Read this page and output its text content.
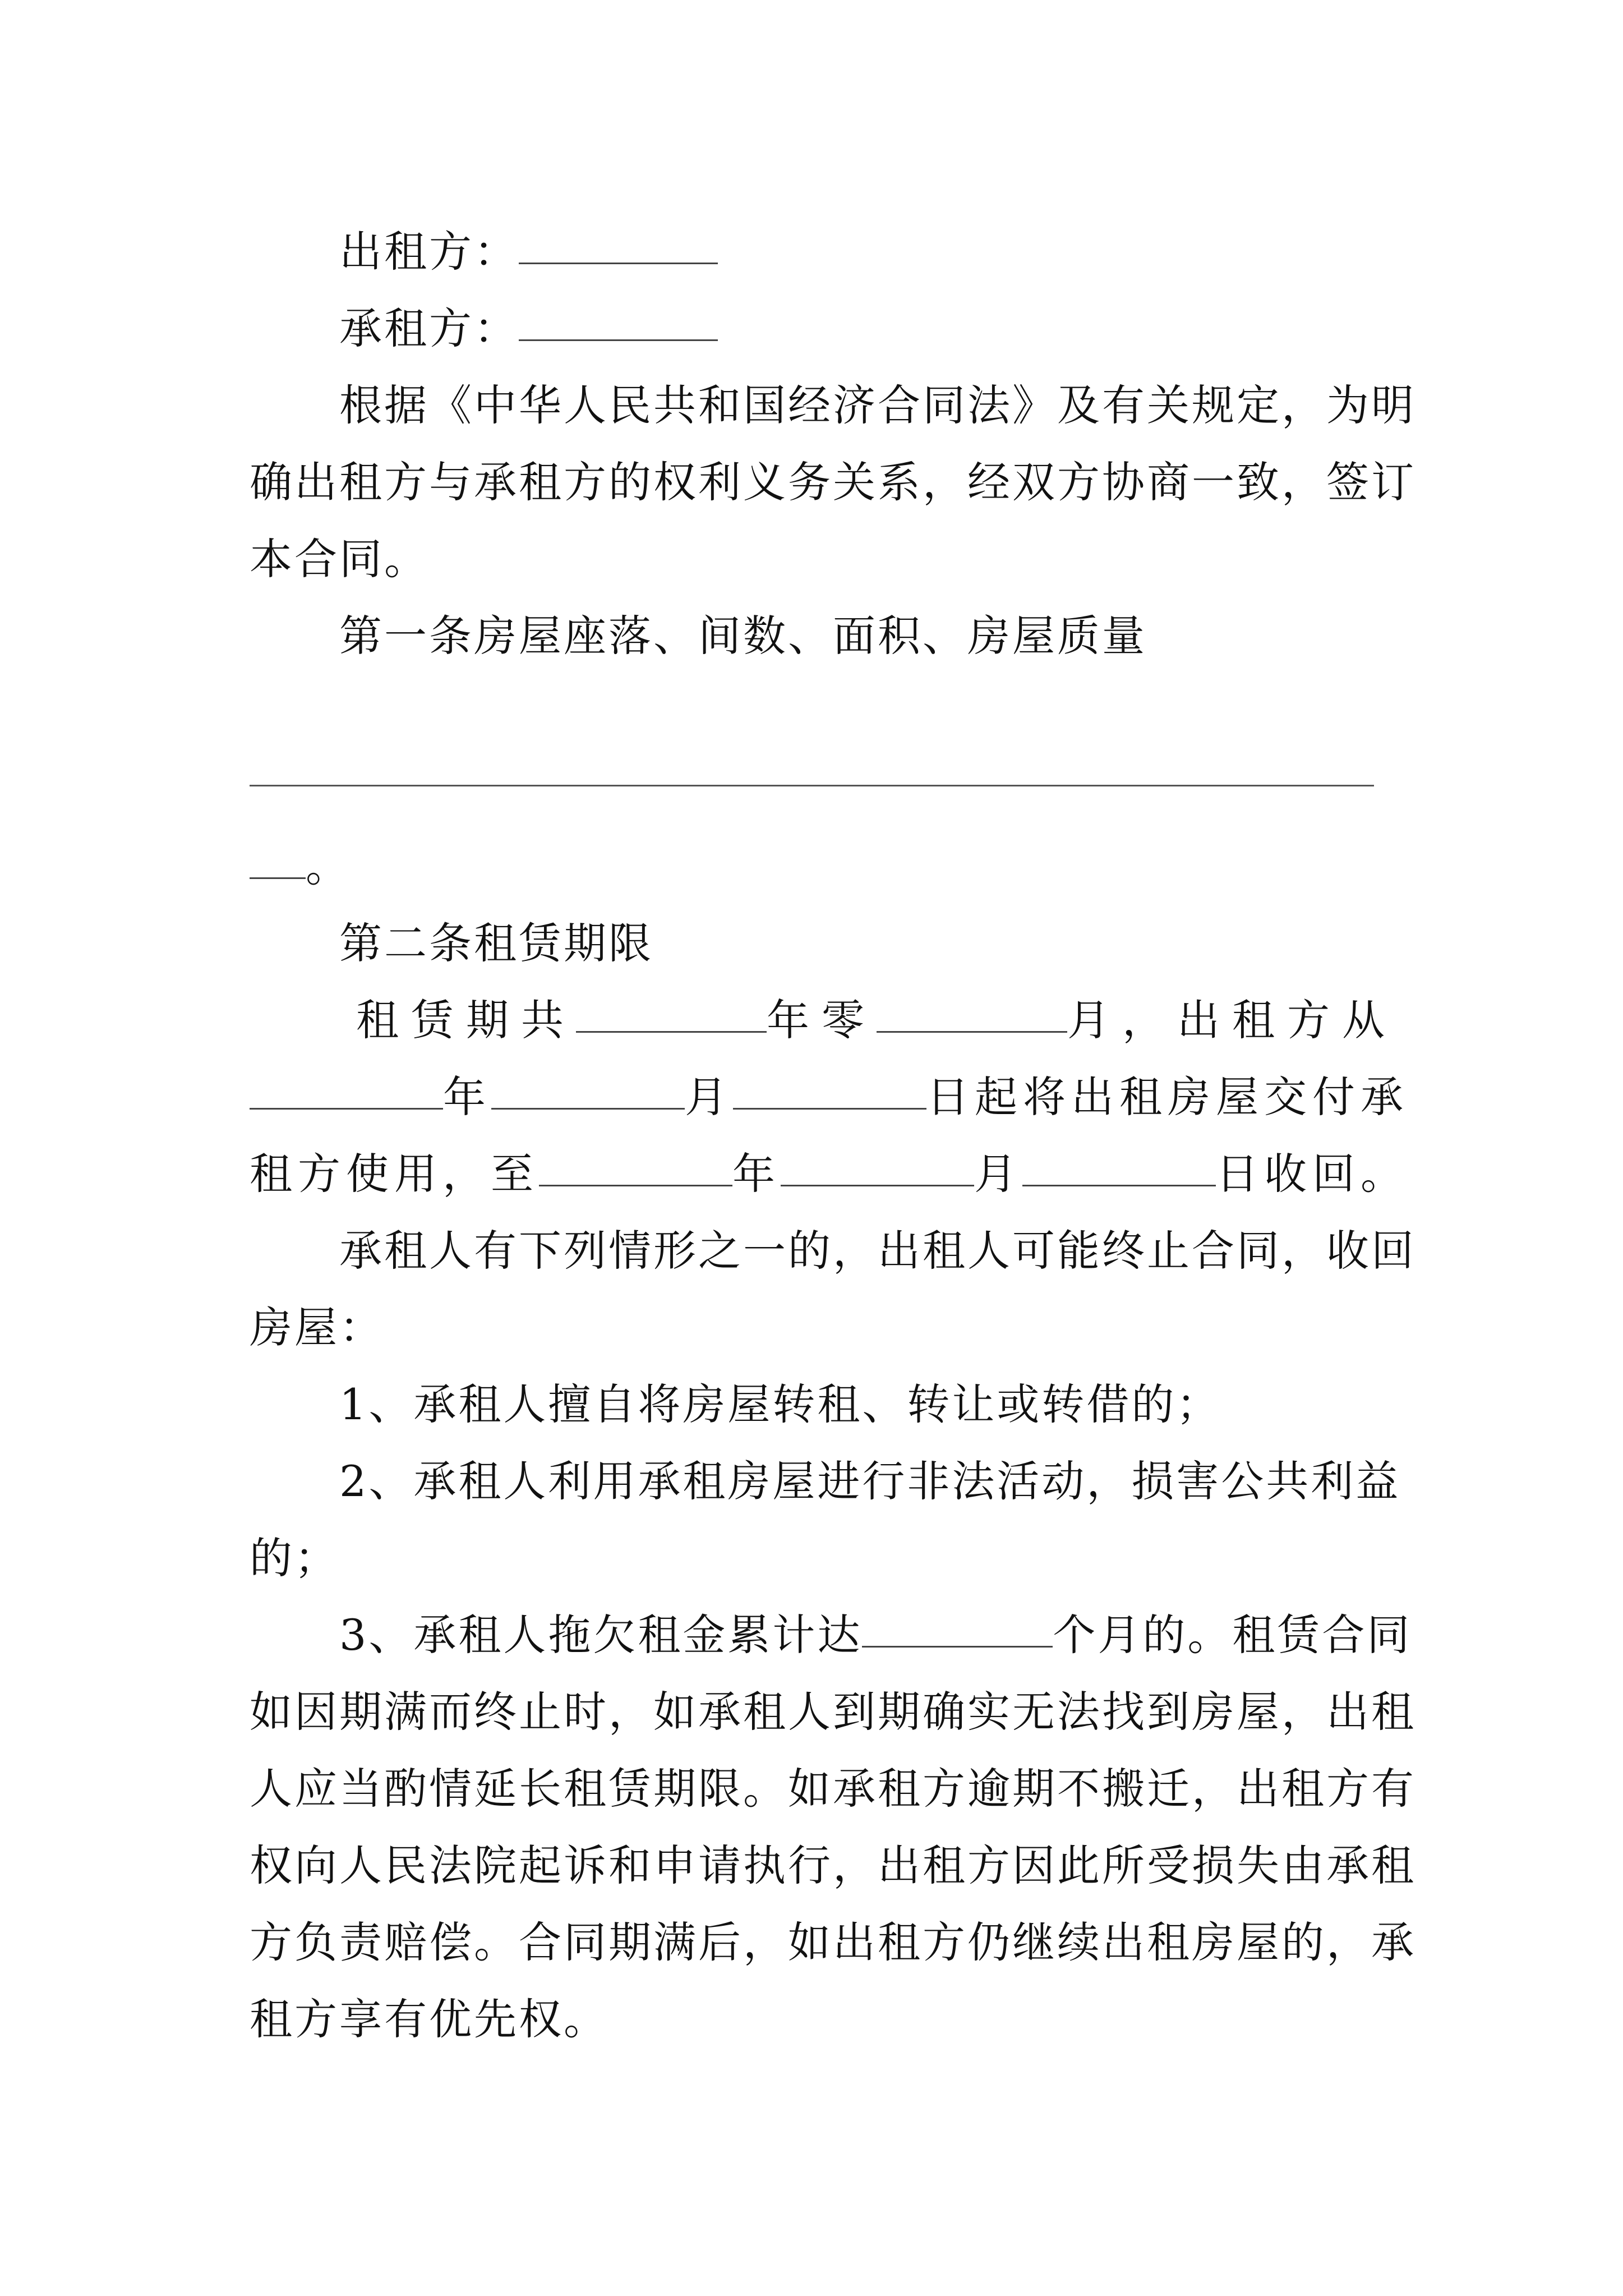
出租方：
承租方：
根据《中华人民共和国经济合同法》及有关规定，为明
确出租方与承租方的权利义务关系，经双方协商一致，签订
本合同。
第一条房屋座落、间数、面积、房屋质量
。
第二条租赁期限
租赁期共	年零	月，出租方从
年	月	日起将出租房屋交付承
租方使用，至	年	月	日收回。
承租人有下列情形之一的，出租人可能终止合同，收回
房屋：
1、承租人擅自将房屋转租、转让或转借的；
2、承租人利用承租房屋进行非法活动，损害公共利益
的；
3、承租人拖欠租金累计达	个月的。租赁合同
如因期满而终止时，如承租人到期确实无法找到房屋，出租
人应当酌情延长租赁期限。如承租方逾期不搬迁，出租方有
权向人民法院起诉和申请执行，出租方因此所受损失由承租
方负责赔偿。合同期满后，如出租方仍继续出租房屋的，承
租方享有优先权。
